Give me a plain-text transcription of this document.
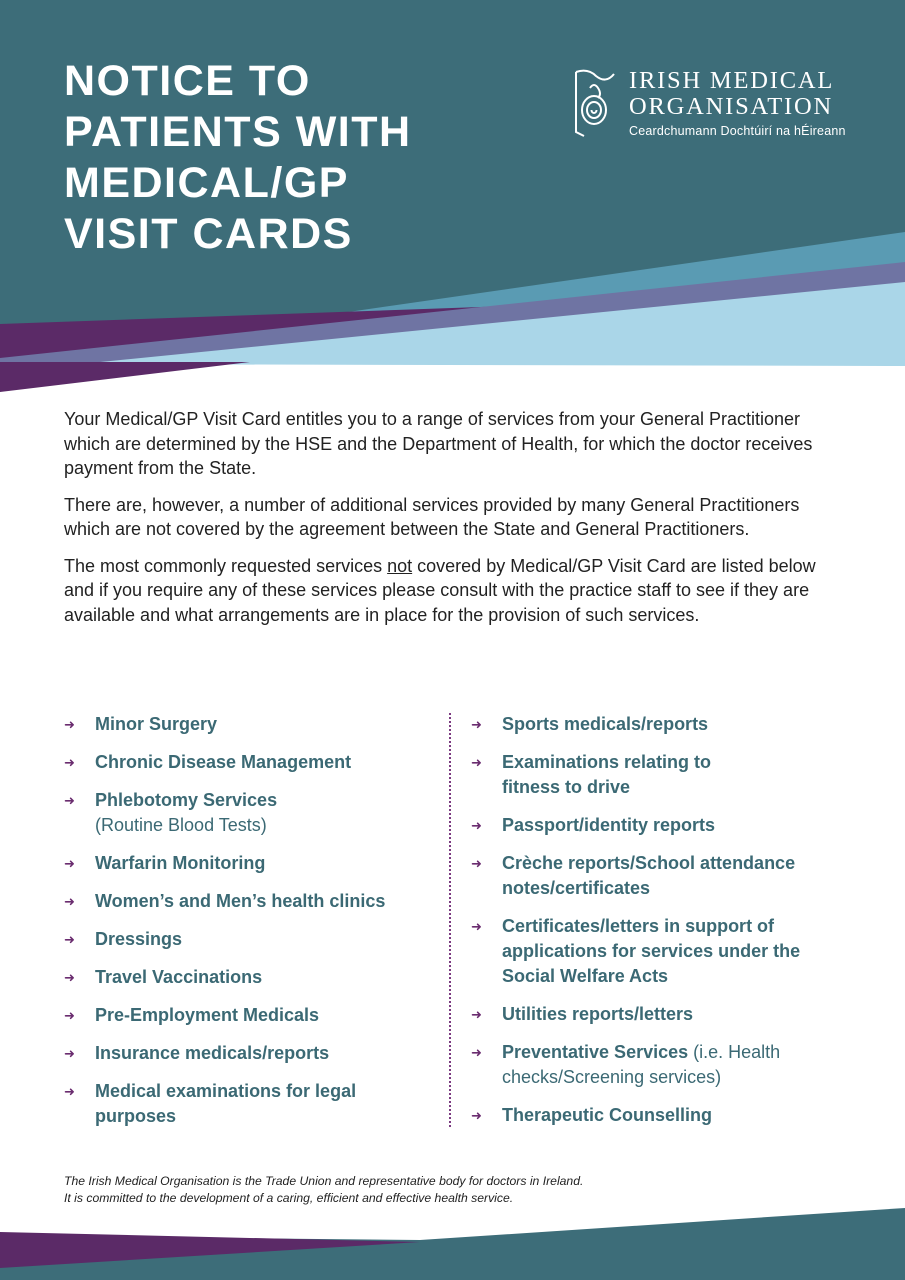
NOTICE TO
PATIENTS WITH
MEDICAL/GP
VISIT CARDS
IRISH MEDICAL
ORGANISATION
Ceardchumann Dochtúirí na hÉireann

Your Medical/GP Visit Card entitles you to a range of services from your General Practitioner which are determined by the HSE and the Department of Health, for which the doctor receives payment from the State.

There are, however, a number of additional services provided by many General Practitioners which are not covered by the agreement between the State and General Practitioners.

The most commonly requested services not covered by Medical/GP Visit Card are listed below and if you require any of these services please consult with the practice staff to see if they are available and what arrangements are in place for the provision of such services.

➜ Minor Surgery
➜ Chronic Disease Management
➜ Phlebotomy Services
(Routine Blood Tests)
➜ Warfarin Monitoring
➜ Women’s and Men’s health clinics
➜ Dressings
➜ Travel Vaccinations
➜ Pre-Employment Medicals
➜ Insurance medicals/reports
➜ Medical examinations for legal purposes
➜ Sports medicals/reports
➜ Examinations relating to fitness to drive
➜ Passport/identity reports
➜ Crèche reports/School attendance notes/certificates
➜ Certificates/letters in support of applications for services under the Social Welfare Acts
➜ Utilities reports/letters
➜ Preventative Services (i.e. Health checks/Screening services)
➜ Therapeutic Counselling
The Irish Medical Organisation is the Trade Union and representative body for doctors in Ireland.
It is committed to the development of a caring, efficient and effective health service.
